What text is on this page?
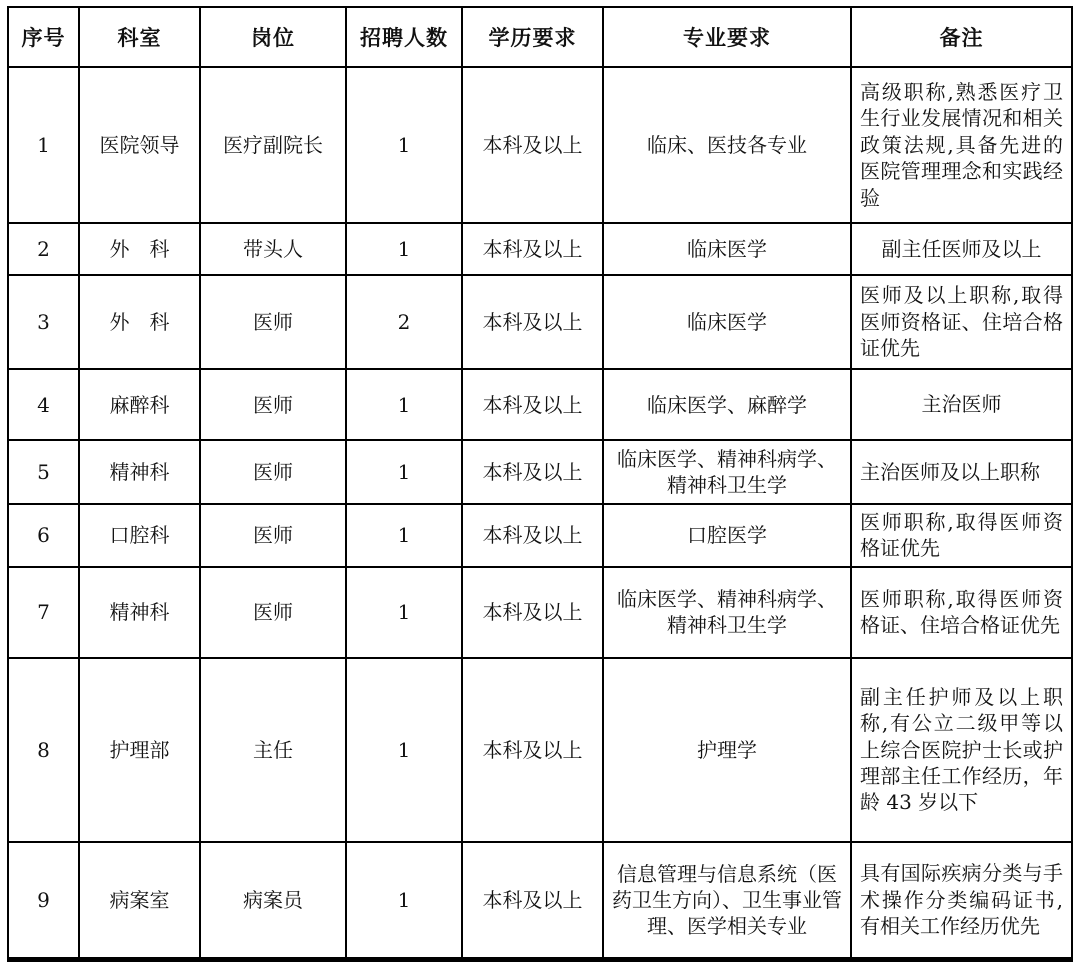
序号	科室	岗位	招聘人数	学历要求	专业要求	备注
1	医院领导	医疗副院长	1	本科及以上	临床、医技各专业	高级职称,熟悉医疗卫生行业发展情况和相关政策法规,具备先进的医院管理理念和实践经验
2	外　科	带头人	1	本科及以上	临床医学	副主任医师及以上
3	外　科	医师	2	本科及以上	临床医学	医师及以上职称,取得医师资格证、住培合格证优先
4	麻醉科	医师	1	本科及以上	临床医学、麻醉学	主治医师
5	精神科	医师	1	本科及以上	临床医学、精神科病学、精神科卫生学	主治医师及以上职称
6	口腔科	医师	1	本科及以上	口腔医学	医师职称,取得医师资格证优先
7	精神科	医师	1	本科及以上	临床医学、精神科病学、精神科卫生学	医师职称,取得医师资格证、住培合格证优先
8	护理部	主任	1	本科及以上	护理学	副主任护师及以上职称,有公立二级甲等以上综合医院护士长或护理部主任工作经历，年龄 43 岁以下
9	病案室	病案员	1	本科及以上	信息管理与信息系统（医药卫生方向）、卫生事业管理、医学相关专业	具有国际疾病分类与手术操作分类编码证书,有相关工作经历优先
